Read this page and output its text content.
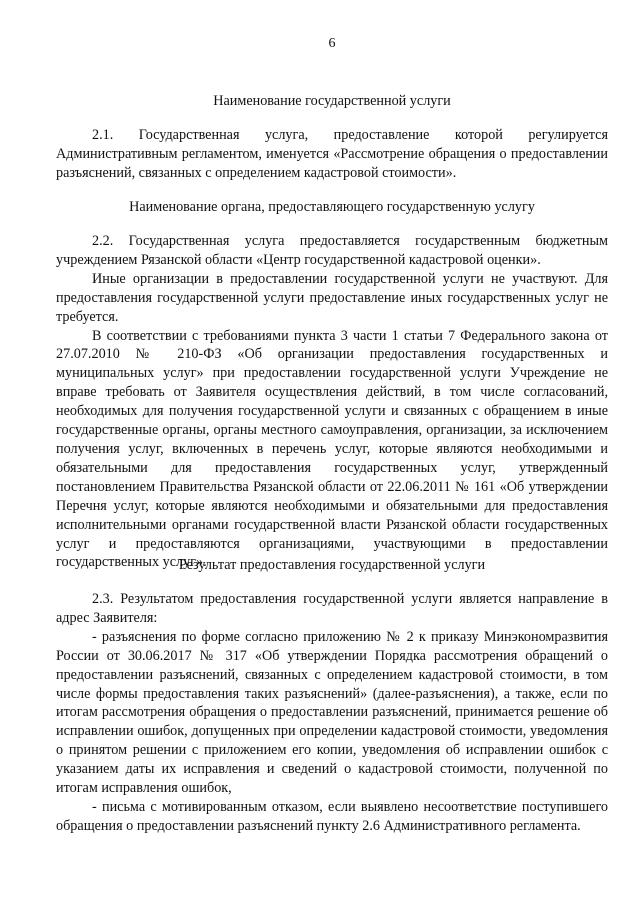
6
Наименование государственной услуги

2.1. Государственная услуга, предоставление которой регулируется Административным регламентом, именуется «Рассмотрение обращения о предоставлении разъяснений, связанных с определением кадастровой стоимости».

Наименование органа, предоставляющего государственную услугу

2.2. Государственная услуга предоставляется государственным бюджетным учреждением Рязанской области «Центр государственной кадастровой оценки».

Иные организации в предоставлении государственной услуги не участвуют. Для предоставления государственной услуги предоставление иных государственных услуг не требуется.

В соответствии с требованиями пункта 3 части 1 статьи 7 Федерального закона от 27.07.2010 № 210-ФЗ «Об организации предоставления государственных и муниципальных услуг» при предоставлении государственной услуги Учреждение не вправе требовать от Заявителя осуществления действий, в том числе согласований, необходимых для получения государственной услуги и связанных с обращением в иные государственные органы, органы местного самоуправления, организации, за исключением получения услуг, включенных в перечень услуг, которые являются необходимыми и обязательными для предоставления государственных услуг, утвержденный постановлением Правительства Рязанской области от 22.06.2011 № 161 «Об утверждении Перечня услуг, которые являются необходимыми и обязательными для предоставления исполнительными органами государственной власти Рязанской области государственных услуг и предоставляются организациями, участвующими в предоставлении государственных услуг».

Результат предоставления государственной услуги

2.3. Результатом предоставления государственной услуги является направление в адрес Заявителя:

- разъяснения по форме согласно приложению № 2 к приказу Минэкономразвития России от 30.06.2017 № 317 «Об утверждении Порядка рассмотрения обращений о предоставлении разъяснений, связанных с определением кадастровой стоимости, в том числе формы предоставления таких разъяснений» (далее-разъяснения), а также, если по итогам рассмотрения обращения о предоставлении разъяснений, принимается решение об исправлении ошибок, допущенных при определении кадастровой стоимости, уведомления о принятом решении с приложением его копии, уведомления об исправлении ошибок с указанием даты их исправления и сведений о кадастровой стоимости, полученной по итогам исправления ошибок,

- письма с мотивированным отказом, если выявлено несоответствие поступившего обращения о предоставлении разъяснений пункту 2.6 Административного регламента.
